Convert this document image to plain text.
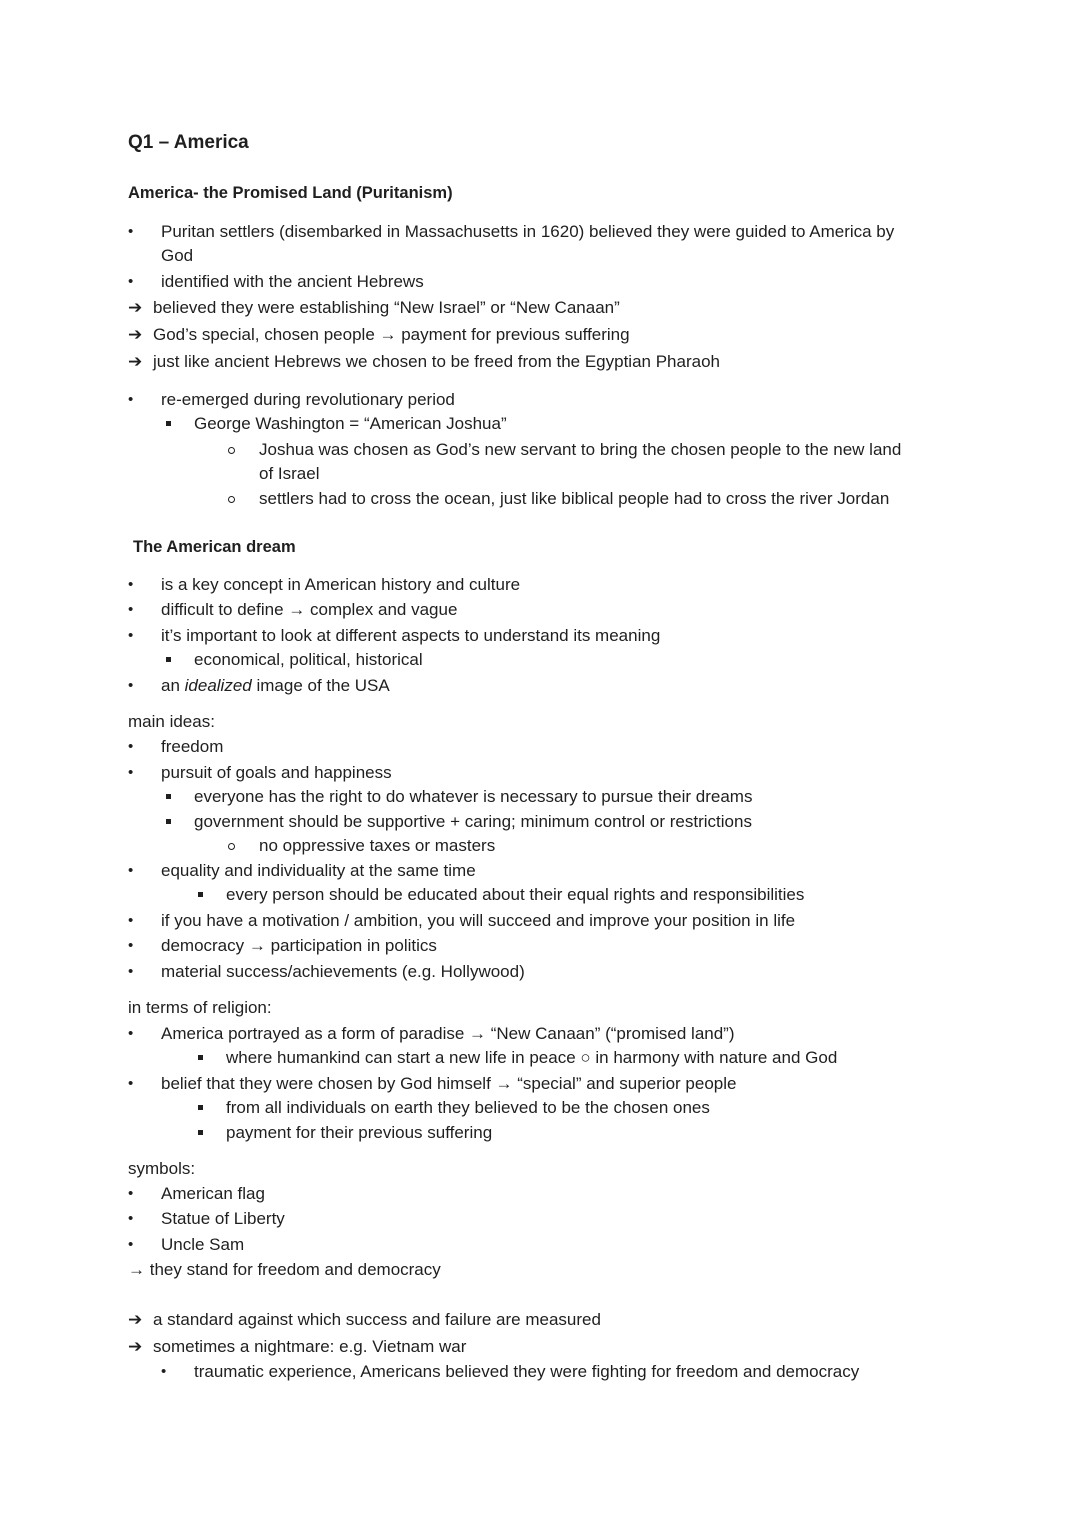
Q1 – America
America- the Promised Land (Puritanism)
• Puritan settlers (disembarked in Massachusetts in 1620) believed they were guided to America by
God
• identified with the ancient Hebrews
➔ believed they were establishing “New Israel” or “New Canaan”
➔ God’s special, chosen people → payment for previous suffering
➔ just like ancient Hebrews we chosen to be freed from the Egyptian Pharaoh
• re-emerged during revolutionary period
George Washington = “American Joshua”
Joshua was chosen as God’s new servant to bring the chosen people to the new land
of Israel
settlers had to cross the ocean, just like biblical people had to cross the river Jordan
The American dream
• is a key concept in American history and culture
• difficult to define → complex and vague
• it’s important to look at different aspects to understand its meaning
economical, political, historical
• an idealized image of the USA
main ideas:
• freedom
• pursuit of goals and happiness
everyone has the right to do whatever is necessary to pursue their dreams
government should be supportive + caring; minimum control or restrictions
no oppressive taxes or masters
• equality and individuality at the same time
every person should be educated about their equal rights and responsibilities
• if you have a motivation / ambition, you will succeed and improve your position in life
• democracy → participation in politics
• material success/achievements (e.g. Hollywood)
in terms of religion:
• America portrayed as a form of paradise → “New Canaan” (“promised land”)
where humankind can start a new life in peace ○ in harmony with nature and God
• belief that they were chosen by God himself → “special” and superior people
from all individuals on earth they believed to be the chosen ones
payment for their previous suffering
symbols:
• American flag
• Statue of Liberty
• Uncle Sam
→ they stand for freedom and democracy
➔ a standard against which success and failure are measured
➔ sometimes a nightmare: e.g. Vietnam war
• traumatic experience, Americans believed they were fighting for freedom and democracy
